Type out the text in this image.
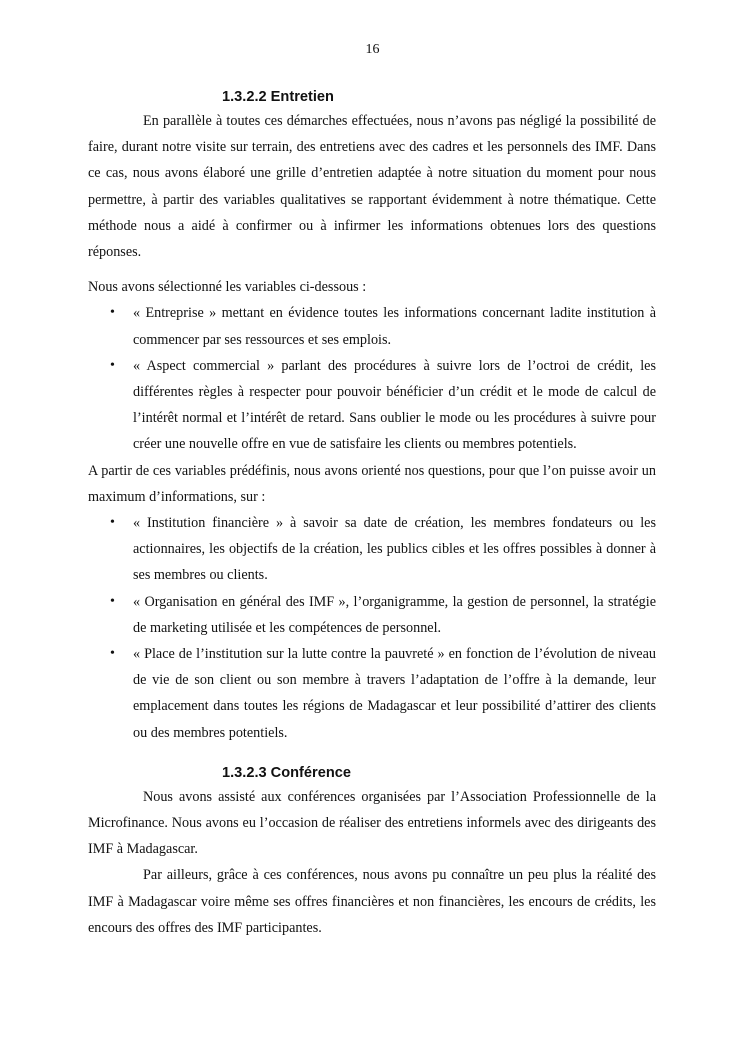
16
1.3.2.2 Entretien

En parallèle à toutes ces démarches effectuées, nous n’avons pas négligé la possibilité de faire, durant notre visite sur terrain, des entretiens avec des cadres et les personnels des IMF. Dans ce cas, nous avons élaboré une grille d’entretien adaptée à notre situation du moment pour nous permettre, à partir des variables qualitatives se rapportant évidemment à notre thématique. Cette méthode nous a aidé à confirmer ou à infirmer les informations obtenues lors des questions réponses.

Nous avons sélectionné les variables ci-dessous :

• « Entreprise » mettant en évidence toutes les informations concernant ladite institution à commencer par ses ressources et ses emplois.
• « Aspect commercial » parlant des procédures à suivre lors de l’octroi de crédit, les différentes règles à respecter pour pouvoir bénéficier d’un crédit et le mode de calcul de l’intérêt normal et l’intérêt de retard. Sans oublier le mode ou les procédures à suivre pour créer une nouvelle offre en vue de satisfaire les clients ou membres potentiels.

A partir de ces variables prédéfinis, nous avons orienté nos questions, pour que l’on puisse avoir un maximum d’informations, sur :

• « Institution financière » à savoir sa date de création, les membres fondateurs ou les actionnaires, les objectifs de la création, les publics cibles et les offres possibles à donner à ses membres ou clients.
• « Organisation en général des IMF », l’organigramme, la gestion de personnel, la stratégie de marketing utilisée et les compétences de personnel.
• « Place de l’institution sur la lutte contre la pauvreté » en fonction de l’évolution de niveau de vie de son client ou son membre à travers l’adaptation de l’offre à la demande, leur emplacement dans toutes les régions de Madagascar et leur possibilité d’attirer des clients ou des membres potentiels.
1.3.2.3 Conférence

Nous avons assisté aux conférences organisées par l’Association Professionnelle de la Microfinance. Nous avons eu l’occasion de réaliser des entretiens informels avec des dirigeants des IMF à Madagascar.

Par ailleurs, grâce à ces conférences, nous avons pu connaître un peu plus la réalité des IMF à Madagascar voire même ses offres financières et non financières, les encours de crédits, les encours des offres des IMF participantes.
